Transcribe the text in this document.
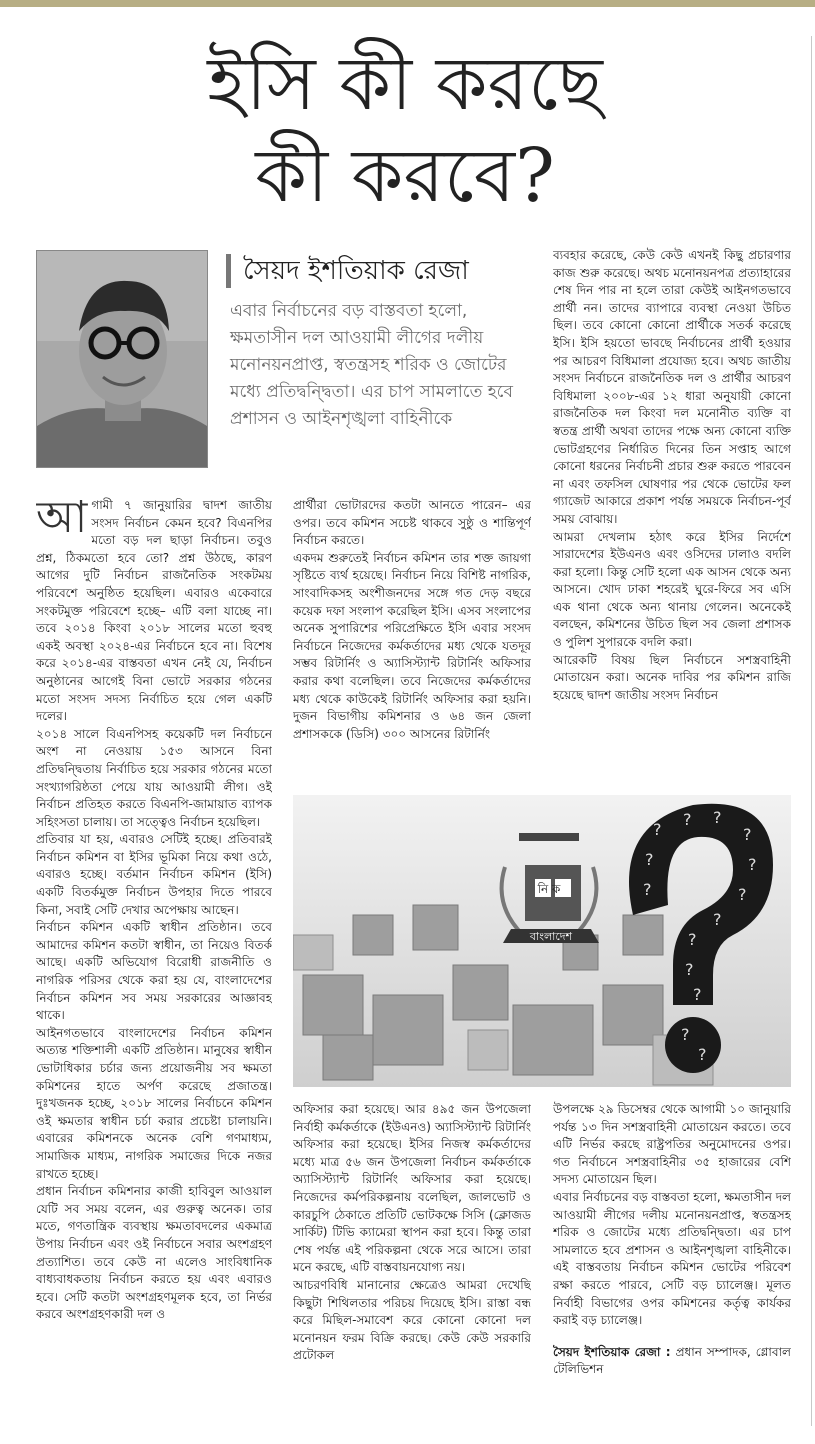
ইসি কী করছে
কী করবে?
সৈয়দ ইশতিয়াক রেজা
এবার নির্বাচনের বড় বাস্তবতা হলো, ক্ষমতাসীন দল আওয়ামী লীগের দলীয় মনোনয়নপ্রাপ্ত, স্বতন্ত্রসহ শরিক ও জোটের মধ্যে প্রতিদ্বন্দ্বিতা। এর চাপ সামলাতে হবে প্রশাসন ও আইনশৃঙ্খলা বাহিনীকে
আ গামী ৭ জানুয়ারির দ্বাদশ জাতীয় সংসদ নির্বাচন কেমন হবে? বিএনপির মতো বড় দল ছাড়া নির্বাচন। তবুও প্রশ্ন, ঠিকমতো হবে তো? প্রশ্ন উঠছে, কারণ আগের দুটি নির্বাচন রাজনৈতিক সংকটময় পরিবেশে অনুষ্ঠিত হয়েছিল। এবারও একেবারে সংকটমুক্ত পরিবেশে হচ্ছে– এটি বলা যাচ্ছে না। তবে ২০১৪ কিংবা ২০১৮ সালের মতো হুবহু একই অবস্থা ২০২৪-এর নির্বাচনে হবে না। বিশেষ করে ২০১৪-এর বাস্তবতা এখন নেই যে, নির্বাচন অনুষ্ঠানের আগেই বিনা ভোটে সরকার গঠনের মতো সংসদ সদস্য নির্বাচিত হয়ে গেল একটি দলের।

২০১৪ সালে বিএনপিসহ কয়েকটি দল নির্বাচনে অংশ না নেওয়ায় ১৫৩ আসনে বিনা প্রতিদ্বন্দ্বিতায় নির্বাচিত হয়ে সরকার গঠনের মতো সংখ্যাগরিষ্ঠতা পেয়ে যায় আওয়ামী লীগ। ওই নির্বাচন প্রতিহত করতে বিএনপি-জামায়াত ব্যাপক সহিংসতা চালায়। তা সত্ত্বেও নির্বাচন হয়েছিল।

প্রতিবার যা হয়, এবারও সেটিই হচ্ছে। প্রতিবারই নির্বাচন কমিশন বা ইসির ভূমিকা নিয়ে কথা ওঠে, এবারও হচ্ছে। বর্তমান নির্বাচন কমিশন (ইসি) একটি বিতর্কমুক্ত নির্বাচন উপহার দিতে পারবে কিনা, সবাই সেটি দেখার অপেক্ষায় আছেন।

নির্বাচন কমিশন একটি স্বাধীন প্রতিষ্ঠান। তবে আমাদের কমিশন কতটা স্বাধীন, তা নিয়েও বিতর্ক আছে। একটি অভিযোগ বিরোধী রাজনীতি ও নাগরিক পরিসর থেকে করা হয় যে, বাংলাদেশের নির্বাচন কমিশন সব সময় সরকারের আজ্ঞাবহ থাকে।

আইনগতভাবে বাংলাদেশের নির্বাচন কমিশন অত্যন্ত শক্তিশালী একটি প্রতিষ্ঠান। মানুষের স্বাধীন ভোটাধিকার চর্চার জন্য প্রয়োজনীয় সব ক্ষমতা কমিশনের হাতে অর্পণ করেছে প্রজাতন্ত্র। দুঃখজনক হচ্ছে, ২০১৮ সালের নির্বাচনে কমিশন ওই ক্ষমতার স্বাধীন চর্চা করার প্রচেষ্টা চালায়নি। এবারের কমিশনকে অনেক বেশি গণমাধ্যম, সামাজিক মাধ্যম, নাগরিক সমাজের দিকে নজর রাখতে হচ্ছে।

প্রধান নির্বাচন কমিশনার কাজী হাবিবুল আওয়াল যেটি সব সময় বলেন, এর গুরুত্ব অনেক। তার মতে, গণতান্ত্রিক ব্যবস্থায় ক্ষমতাবদলের একমাত্র উপায় নির্বাচন এবং ওই নির্বাচনে সবার অংশগ্রহণ প্রত্যাশিত। তবে কেউ না এলেও সাংবিধানিক বাধ্যবাধকতায় নির্বাচন করতে হয় এবং এবারও হবে। সেটি কতটা অংশগ্রহণমূলক হবে, তা নির্ভর করবে অংশগ্রহণকারী দল ও

প্রার্থীরা ভোটারদের কতটা আনতে পারেন– এর ওপর। তবে কমিশন সচেষ্ট থাকবে সুষ্ঠু ও শান্তিপূর্ণ নির্বাচন করতে।

একদম শুরুতেই নির্বাচন কমিশন তার শক্ত জায়গা সৃষ্টিতে ব্যর্থ হয়েছে। নির্বাচন নিয়ে বিশিষ্ট নাগরিক, সাংবাদিকসহ অংশীজনদের সঙ্গে গত দেড় বছরে কয়েক দফা সংলাপ করেছিল ইসি। এসব সংলাপের অনেক সুপারিশের পরিপ্রেক্ষিতে ইসি এবার সংসদ নির্বাচনে নিজেদের কর্মকর্তাদের মধ্য থেকে যতদূর সম্ভব রিটার্নিং ও অ্যাসিস্ট্যান্ট রিটার্নিং অফিসার করার কথা বলেছিল। তবে নিজেদের কর্মকর্তাদের মধ্য থেকে কাউকেই রিটার্নিং অফিসার করা হয়নি। দুজন বিভাগীয় কমিশনার ও ৬৪ জন জেলা প্রশাসককে (ডিসি) ৩০০ আসনের রিটার্নিং

ব্যবহার করেছে, কেউ কেউ এখনই কিছু প্রচারণার কাজ শুরু করেছে। অথচ মনোনয়নপত্র প্রত্যাহারের শেষ দিন পার না হলে তারা কেউই আইনগতভাবে প্রার্থী নন। তাদের ব্যাপারে ব্যবস্থা নেওয়া উচিত ছিল। তবে কোনো কোনো প্রার্থীকে সতর্ক করেছে ইসি। ইসি হয়তো ভাবছে নির্বাচনের প্রার্থী হওয়ার পর আচরণ বিধিমালা প্রযোজ্য হবে। অথচ জাতীয় সংসদ নির্বাচনে রাজনৈতিক দল ও প্রার্থীর আচরণ বিধিমালা ২০০৮-এর ১২ ধারা অনুযায়ী কোনো রাজনৈতিক দল কিংবা দল মনোনীত ব্যক্তি বা স্বতন্ত্র প্রার্থী অথবা তাদের পক্ষে অন্য কোনো ব্যক্তি ভোটগ্রহণের নির্ধারিত দিনের তিন সপ্তাহ আগে কোনো ধরনের নির্বাচনী প্রচার শুরু করতে পারবেন না এবং তফসিল ঘোষণার পর থেকে ভোটের ফল গ্যাজেট আকারে প্রকাশ পর্যন্ত সময়কে নির্বাচন-পূর্ব সময় বোঝায়।

আমরা দেখলাম হঠাৎ করে ইসির নির্দেশে সারাদেশের ইউএনও এবং ওসিদের ঢালাও বদলি করা হলো। কিন্তু সেটি হলো এক আসন থেকে অন্য আসনে। খোদ ঢাকা শহরেই ঘুরে-ফিরে সব এসি এক থানা থেকে অন্য থানায় গেলেন। অনেকেই বলছেন, কমিশনের উচিত ছিল সব জেলা প্রশাসক ও পুলিশ সুপারকে বদলি করা।

আরেকটি বিষয় ছিল নির্বাচনে সশস্ত্রবাহিনী মোতায়েন করা। অনেক দাবির পর কমিশন রাজি হয়েছে দ্বাদশ জাতীয় সংসদ নির্বাচন

নি ক
বাংলাদেশ
?
? ?
?
?
?
?
?
?
?
?
?
?
?

অফিসার করা হয়েছে। আর ৪৯৫ জন উপজেলা নির্বাহী কর্মকর্তাকে (ইউএনও) অ্যাসিস্ট্যান্ট রিটার্নিং অফিসার করা হয়েছে। ইসির নিজস্ব কর্মকর্তাদের মধ্যে মাত্র ৫৬ জন উপজেলা নির্বাচন কর্মকর্তাকে অ্যাসিস্ট্যান্ট রিটার্নিং অফিসার করা হয়েছে। নিজেদের কর্মপরিকল্পনায় বলেছিল, জালভোট ও কারচুপি ঠেকাতে প্রতিটি ভোটকক্ষে সিসি (ক্লোজড সার্কিট) টিভি ক্যামেরা স্থাপন করা হবে। কিন্তু তারা শেষ পর্যন্ত এই পরিকল্পনা থেকে সরে আসে। তারা মনে করছে, এটি বাস্তবায়নযোগ্য নয়।

আচরণবিধি মানানোর ক্ষেত্রেও আমরা দেখেছি কিছুটা শিথিলতার পরিচয় দিয়েছে ইসি। রাস্তা বন্ধ করে মিছিল-সমাবেশ করে কোনো কোনো দল মনোনয়ন ফরম বিক্রি করছে। কেউ কেউ সরকারি প্রটোকল

উপলক্ষে ২৯ ডিসেম্বর থেকে আগামী ১০ জানুয়ারি পর্যন্ত ১৩ দিন সশস্ত্রবাহিনী মোতায়েন করতে। তবে এটি নির্ভর করছে রাষ্ট্রপতির অনুমোদনের ওপর। গত নির্বাচনে সশস্ত্রবাহিনীর ৩৫ হাজারের বেশি সদস্য মোতায়েন ছিল।

এবার নির্বাচনের বড় বাস্তবতা হলো, ক্ষমতাসীন দল আওয়ামী লীগের দলীয় মনোনয়নপ্রাপ্ত, স্বতন্ত্রসহ শরিক ও জোটের মধ্যে প্রতিদ্বন্দ্বিতা। এর চাপ সামলাতে হবে প্রশাসন ও আইনশৃঙ্খলা বাহিনীকে। এই বাস্তবতায় নির্বাচন কমিশন ভোটের পরিবেশ রক্ষা করতে পারবে, সেটি বড় চ্যালেঞ্জ। মূলত নির্বাহী বিভাগের ওপর কমিশনের কর্তৃত্ব কার্যকর করাই বড় চ্যালেঞ্জ।

সৈয়দ ইশতিয়াক রেজা : প্রধান সম্পাদক, গ্লোবাল টেলিভিশন
